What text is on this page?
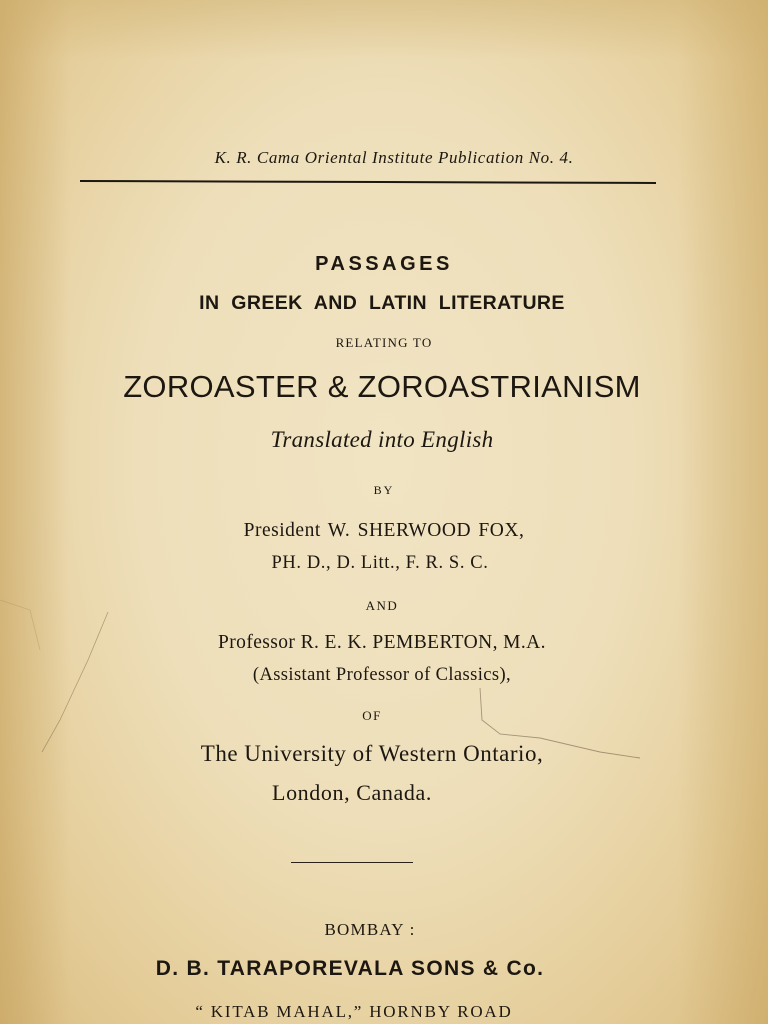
K. R. Cama Oriental Institute Publication No. 4.
PASSAGES
IN GREEK AND LATIN LITERATURE
RELATING TO
ZOROASTER & ZOROASTRIANISM
Translated into English
BY
President W. SHERWOOD FOX,
PH. D., D. Litt., F. R. S. C.
AND
Professor R. E. K. PEMBERTON, M.A.
(Assistant Professor of Classics),
OF
The University of Western Ontario,
London, Canada.
BOMBAY :
D. B. TARAPOREVALA SONS & Co.
“ KITAB MAHAL,” HORNBY ROAD
